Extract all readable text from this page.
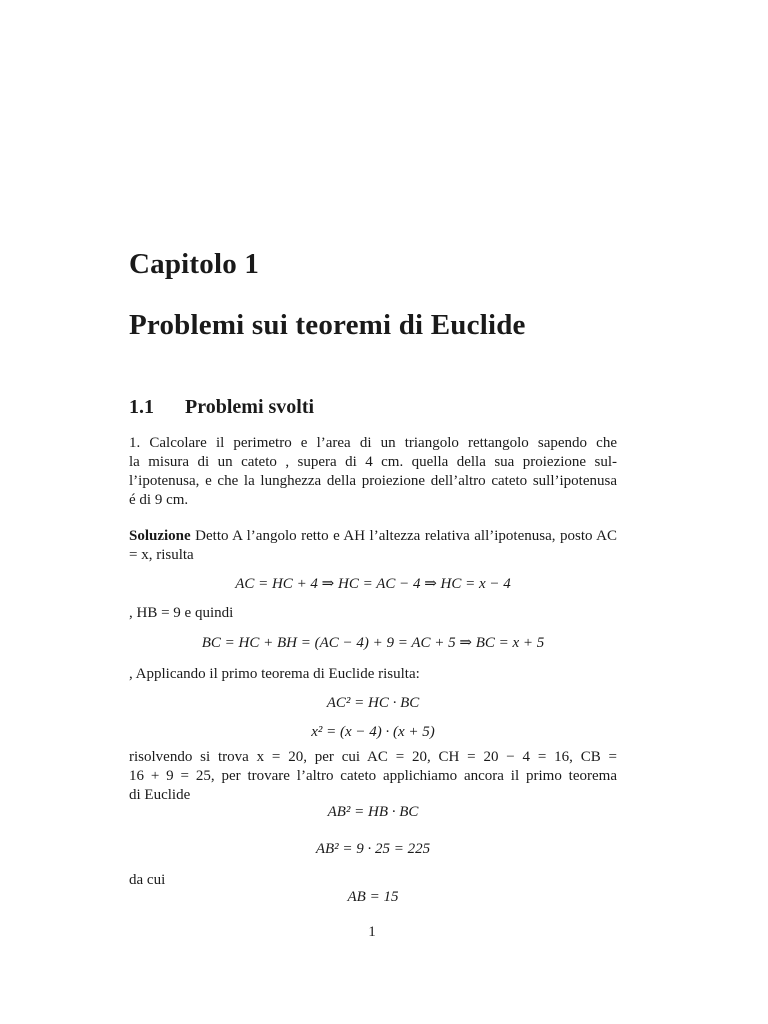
Capitolo 1
Problemi sui teoremi di Euclide
1.1 Problemi svolti
1. Calcolare il perimetro e l’area di un triangolo rettangolo sapendo che
la misura di un cateto , supera di 4 cm. quella della sua proiezione sul-
l’ipotenusa, e che la lunghezza della proiezione dell’altro cateto sull’ipotenusa
é di 9 cm.
Soluzione Detto A l’angolo retto e AH l’altezza relativa all’ipotenusa, posto AC = x, risulta
AC = HC + 4 ⇒ HC = AC − 4 ⇒ HC = x − 4
, HB = 9 e quindi
BC = HC + BH = (AC − 4) + 9 = AC + 5 ⇒ BC = x + 5
, Applicando il primo teorema di Euclide risulta:
AC² = HC · BC
x² = (x − 4) · (x + 5)
risolvendo si trova x = 20, per cui AC = 20, CH = 20 − 4 = 16, CB =
16 + 9 = 25, per trovare l’altro cateto applichiamo ancora il primo teorema
di Euclide
AB² = HB · BC
AB² = 9 · 25 = 225
da cui
AB = 15
1
